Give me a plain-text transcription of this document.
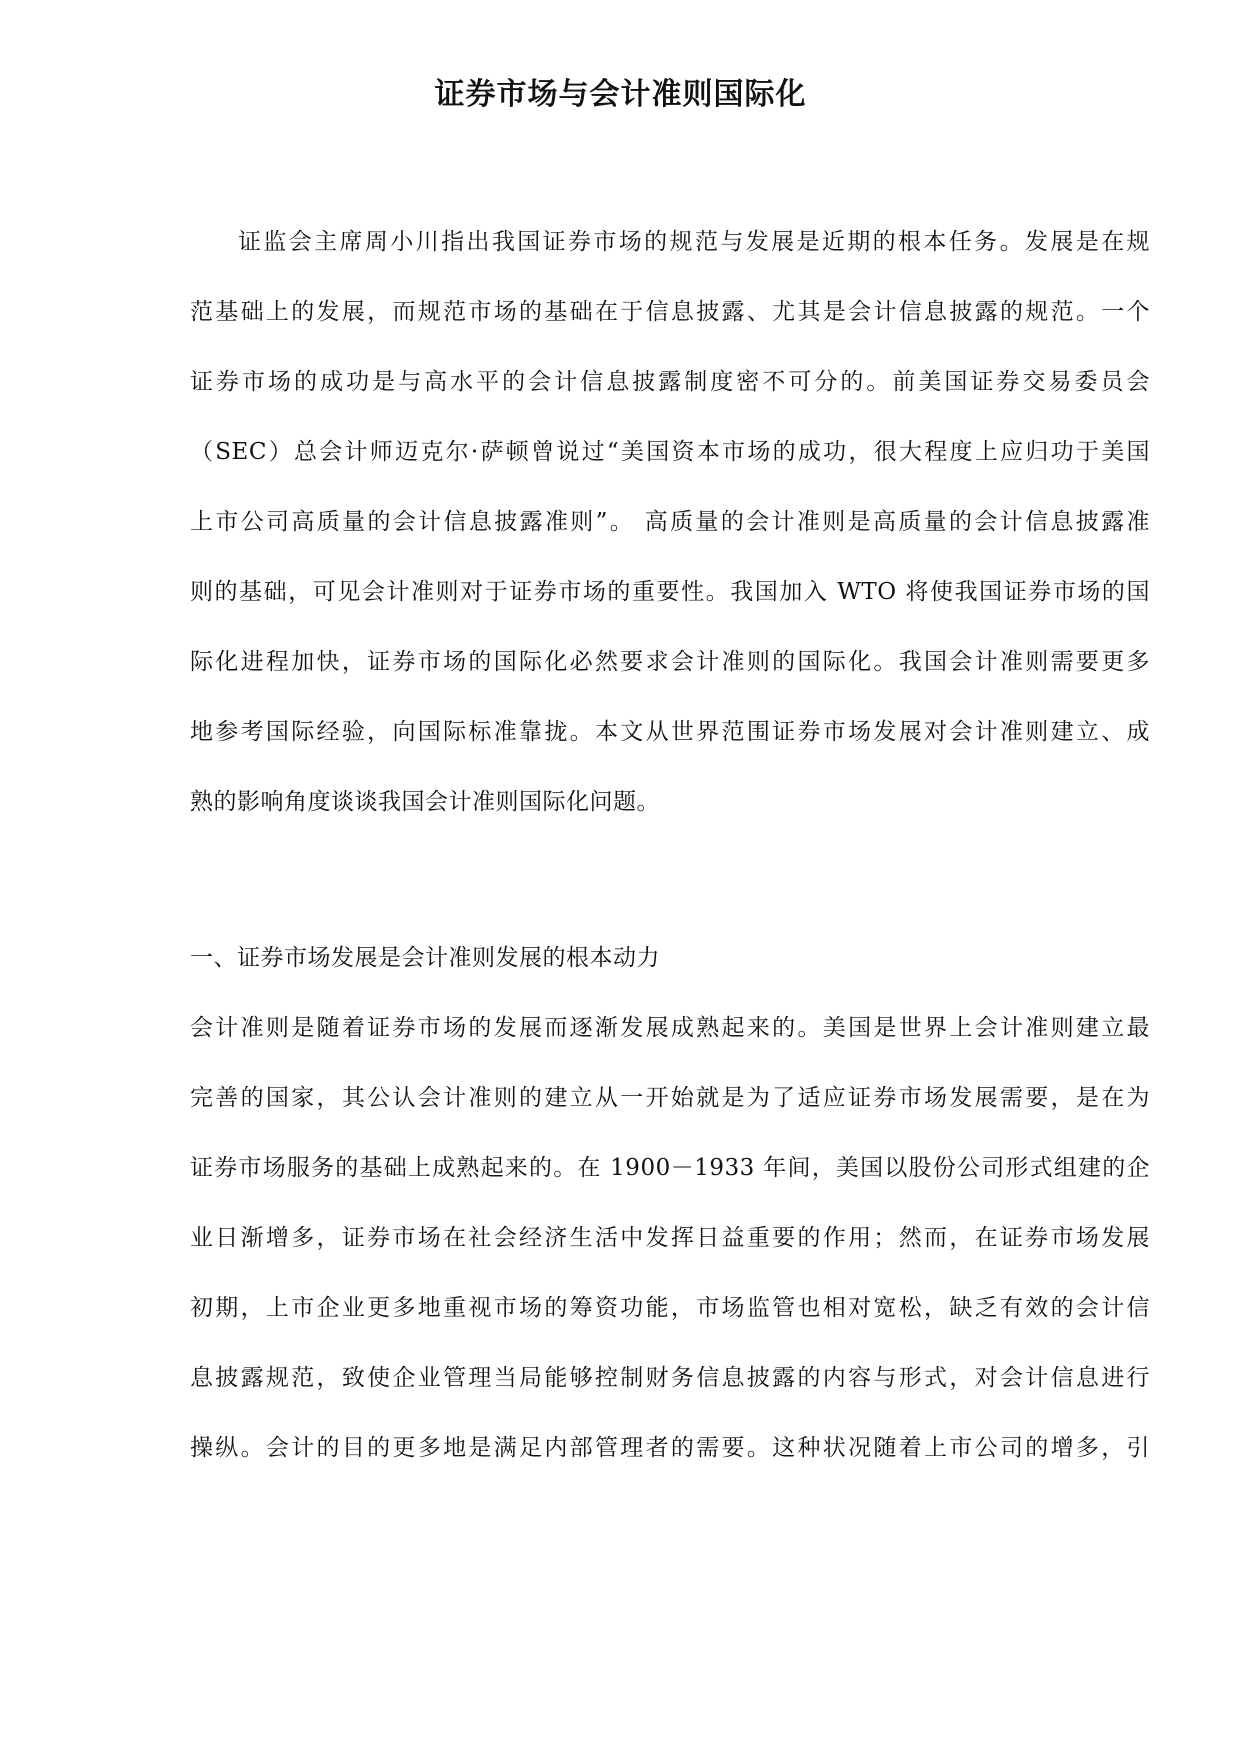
证券市场与会计准则国际化
证监会主席周小川指出我国证券市场的规范与发展是近期的根本任务。发展是在规
范基础上的发展，而规范市场的基础在于信息披露、尤其是会计信息披露的规范。一个
证券市场的成功是与高水平的会计信息披露制度密不可分的。前美国证券交易委员会
（SEC）总会计师迈克尔·萨顿曾说过“美国资本市场的成功，很大程度上应归功于美国
上市公司高质量的会计信息披露准则”。 高质量的会计准则是高质量的会计信息披露准
则的基础，可见会计准则对于证券市场的重要性。我国加入 WTO 将使我国证券市场的国
际化进程加快，证券市场的国际化必然要求会计准则的国际化。我国会计准则需要更多
地参考国际经验，向国际标准靠拢。本文从世界范围证券市场发展对会计准则建立、成
熟的影响角度谈谈我国会计准则国际化问题。
一、证券市场发展是会计准则发展的根本动力
会计准则是随着证券市场的发展而逐渐发展成熟起来的。美国是世界上会计准则建立最
完善的国家，其公认会计准则的建立从一开始就是为了适应证券市场发展需要，是在为
证券市场服务的基础上成熟起来的。在 1900－1933 年间，美国以股份公司形式组建的企
业日渐增多，证券市场在社会经济生活中发挥日益重要的作用；然而，在证券市场发展
初期，上市企业更多地重视市场的筹资功能，市场监管也相对宽松，缺乏有效的会计信
息披露规范，致使企业管理当局能够控制财务信息披露的内容与形式，对会计信息进行
操纵。会计的目的更多地是满足内部管理者的需要。这种状况随着上市公司的增多，引
